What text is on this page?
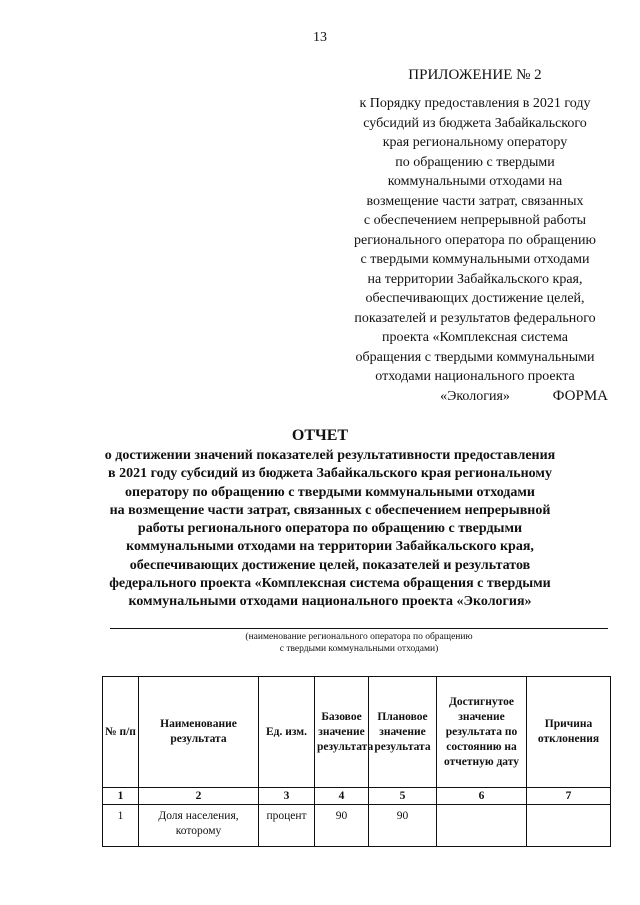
13
ПРИЛОЖЕНИЕ № 2
к Порядку предоставления в 2021 году
субсидий из бюджета Забайкальского
края региональному оператору
по обращению с твердыми
коммунальными отходами на
возмещение части затрат, связанных
с обеспечением непрерывной работы
регионального оператора по обращению
с твердыми коммунальными отходами
на территории Забайкальского края,
обеспечивающих достижение целей,
показателей и результатов федерального
проекта «Комплексная система
обращения с твердыми коммунальными
отходами национального проекта
«Экология»	ФОРМА
ОТЧЕТ
о достижении значений показателей результативности предоставления
в 2021 году субсидий из бюджета Забайкальского края региональному
оператору по обращению с твердыми коммунальными отходами
на возмещение части затрат, связанных с обеспечением непрерывной
работы регионального оператора по обращению с твердыми
коммунальными отходами на территории Забайкальского края,
обеспечивающих достижение целей, показателей и результатов
федерального проекта «Комплексная система обращения с твердыми
коммунальными отходами национального проекта «Экология»
(наименование регионального оператора по обращению
с твердыми коммунальными отходами)
№ п/п	Наименование результата	Ед. изм.	Базовое значение результата	Плановое значение результата	Достигнутое значение результата по состоянию на отчетную дату	Причина отклонения
1	2	3	4	5	6	7
1	Доля населения, которому	процент	90	90		
